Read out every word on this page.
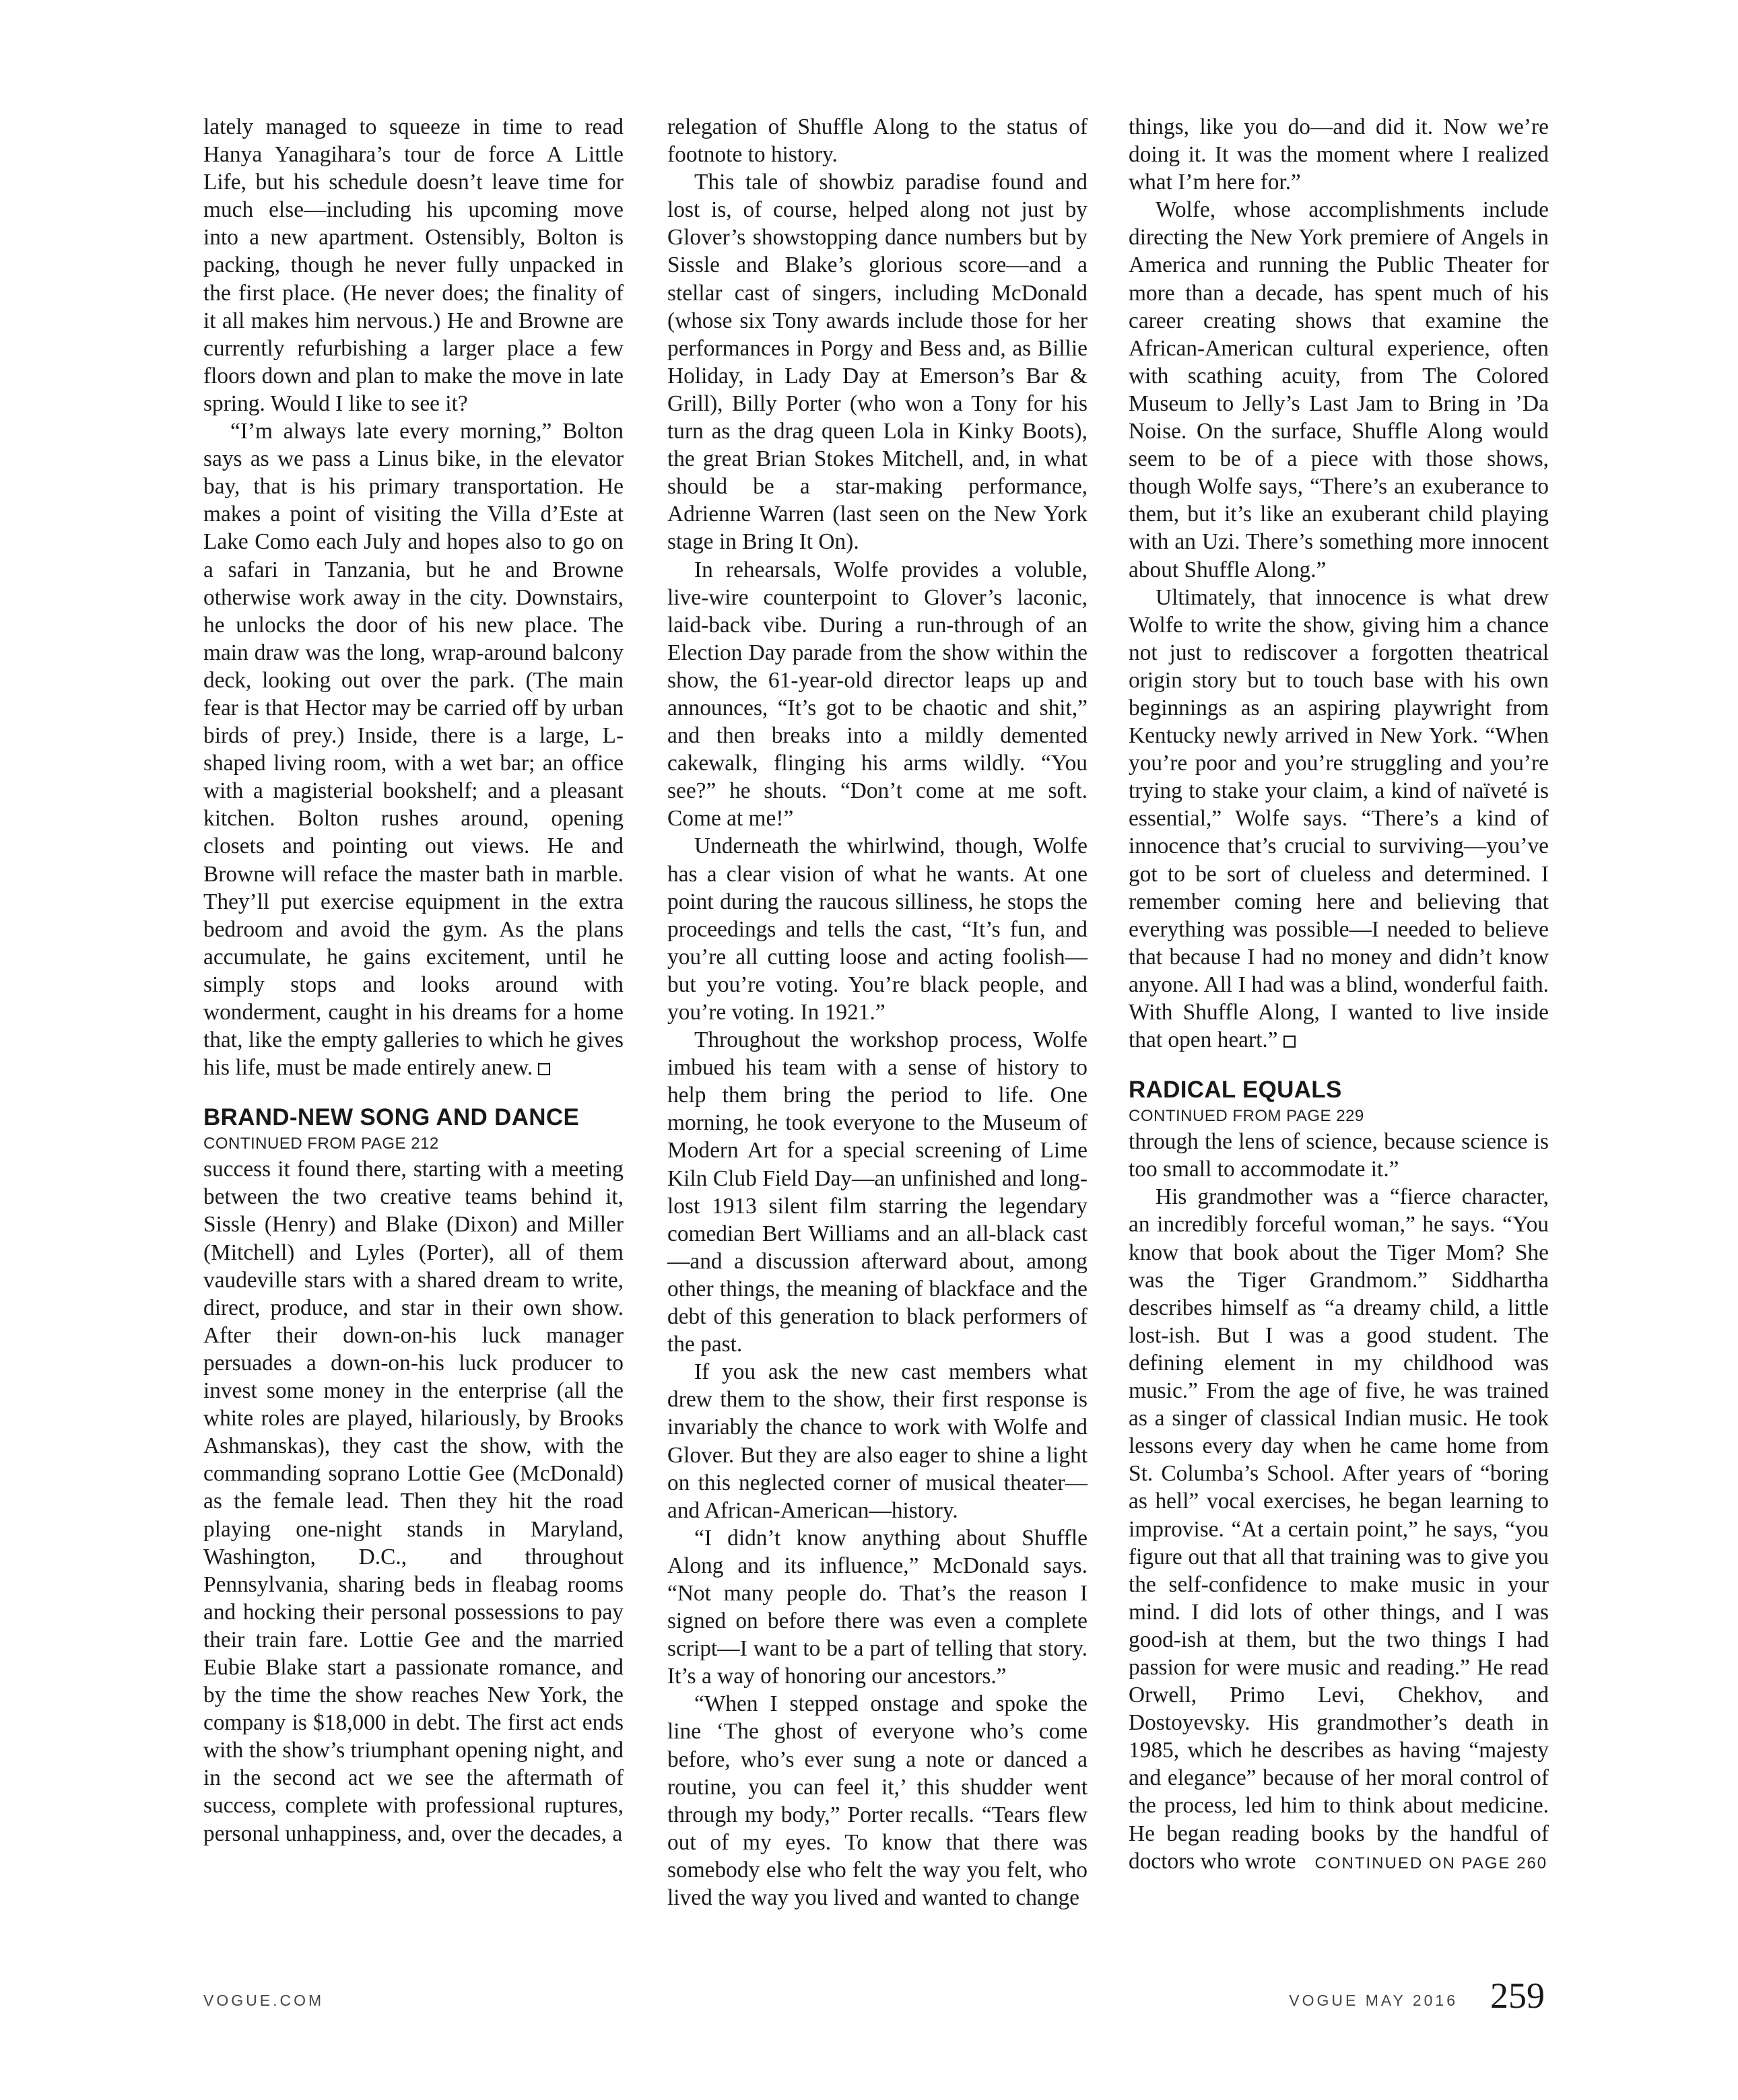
lately managed to squeeze in time to read Hanya Yanagihara’s tour de force A Little Life, but his schedule doesn’t leave time for much else—including his upcoming move into a new apartment. Ostensibly, Bolton is packing, though he never fully unpacked in the first place. (He never does; the finality of it all makes him nervous.) He and Browne are currently refurbishing a larger place a few floors down and plan to make the move in late spring. Would I like to see it?

“I’m always late every morning,” Bolton says as we pass a Linus bike, in the elevator bay, that is his primary transportation. He makes a point of visiting the Villa d’Este at Lake Como each July and hopes also to go on a safari in Tanzania, but he and Browne otherwise work away in the city. Downstairs, he unlocks the door of his new place. The main draw was the long, wrap-around balcony deck, looking out over the park. (The main fear is that Hector may be carried off by urban birds of prey.) Inside, there is a large, L-shaped living room, with a wet bar; an office with a magisterial bookshelf; and a pleasant kitchen. Bolton rushes around, opening closets and pointing out views. He and Browne will reface the master bath in marble. They’ll put exercise equipment in the extra bedroom and avoid the gym. As the plans accumulate, he gains excitement, until he simply stops and looks around with wonderment, caught in his dreams for a home that, like the empty galleries to which he gives his life, must be made entirely anew.

BRAND-NEW SONG AND DANCE
CONTINUED FROM PAGE 212

success it found there, starting with a meeting between the two creative teams behind it, Sissle (Henry) and Blake (Dixon) and Miller (Mitchell) and Lyles (Porter), all of them vaudeville stars with a shared dream to write, direct, produce, and star in their own show. After their down-on-his luck manager persuades a down-on-his luck producer to invest some money in the enterprise (all the white roles are played, hilariously, by Brooks Ashmanskas), they cast the show, with the commanding soprano Lottie Gee (McDonald) as the female lead. Then they hit the road playing one-night stands in Maryland, Washington, D.C., and throughout Pennsylvania, sharing beds in fleabag rooms and hocking their personal possessions to pay their train fare. Lottie Gee and the married Eubie Blake start a passionate romance, and by the time the show reaches New York, the company is $18,000 in debt. The first act ends with the show’s triumphant opening night, and in the second act we see the aftermath of success, complete with professional ruptures, personal unhappiness, and, over the decades, a

relegation of Shuffle Along to the status of footnote to history.

This tale of showbiz paradise found and lost is, of course, helped along not just by Glover’s showstopping dance numbers but by Sissle and Blake’s glorious score—and a stellar cast of singers, including McDonald (whose six Tony awards include those for her performances in Porgy and Bess and, as Billie Holiday, in Lady Day at Emerson’s Bar & Grill), Billy Porter (who won a Tony for his turn as the drag queen Lola in Kinky Boots), the great Brian Stokes Mitchell, and, in what should be a star-making performance, Adrienne Warren (last seen on the New York stage in Bring It On).

In rehearsals, Wolfe provides a voluble, live-wire counterpoint to Glover’s laconic, laid-back vibe. During a run-through of an Election Day parade from the show within the show, the 61-year-old director leaps up and announces, “It’s got to be chaotic and shit,” and then breaks into a mildly demented cakewalk, flinging his arms wildly. “You see?” he shouts. “Don’t come at me soft. Come at me!”

Underneath the whirlwind, though, Wolfe has a clear vision of what he wants. At one point during the raucous silliness, he stops the proceedings and tells the cast, “It’s fun, and you’re all cutting loose and acting foolish—but you’re voting. You’re black people, and you’re voting. In 1921.”

Throughout the workshop process, Wolfe imbued his team with a sense of history to help them bring the period to life. One morning, he took everyone to the Museum of Modern Art for a special screening of Lime Kiln Club Field Day—an unfinished and long-lost 1913 silent film starring the legendary comedian Bert Williams and an all-black cast—and a discussion afterward about, among other things, the meaning of blackface and the debt of this generation to black performers of the past.

If you ask the new cast members what drew them to the show, their first response is invariably the chance to work with Wolfe and Glover. But they are also eager to shine a light on this neglected corner of musical theater—and African-American—history.

“I didn’t know anything about Shuffle Along and its influence,” McDonald says. “Not many people do. That’s the reason I signed on before there was even a complete script—I want to be a part of telling that story. It’s a way of honoring our ancestors.”

“When I stepped onstage and spoke the line ‘The ghost of everyone who’s come before, who’s ever sung a note or danced a routine, you can feel it,’ this shudder went through my body,” Porter recalls. “Tears flew out of my eyes. To know that there was somebody else who felt the way you felt, who lived the way you lived and wanted to change

things, like you do—and did it. Now we’re doing it. It was the moment where I realized what I’m here for.”

Wolfe, whose accomplishments include directing the New York premiere of Angels in America and running the Public Theater for more than a decade, has spent much of his career creating shows that examine the African-American cultural experience, often with scathing acuity, from The Colored Museum to Jelly’s Last Jam to Bring in ’Da Noise. On the surface, Shuffle Along would seem to be of a piece with those shows, though Wolfe says, “There’s an exuberance to them, but it’s like an exuberant child playing with an Uzi. There’s something more innocent about Shuffle Along.”

Ultimately, that innocence is what drew Wolfe to write the show, giving him a chance not just to rediscover a forgotten theatrical origin story but to touch base with his own beginnings as an aspiring playwright from Kentucky newly arrived in New York. “When you’re poor and you’re struggling and you’re trying to stake your claim, a kind of naïveté is essential,” Wolfe says. “There’s a kind of innocence that’s crucial to surviving—you’ve got to be sort of clueless and determined. I remember coming here and believing that everything was possible—I needed to believe that because I had no money and didn’t know anyone. All I had was a blind, wonderful faith. With Shuffle Along, I wanted to live inside that open heart.”

RADICAL EQUALS
CONTINUED FROM PAGE 229

through the lens of science, because science is too small to accommodate it.”

His grandmother was a “fierce character, an incredibly forceful woman,” he says. “You know that book about the Tiger Mom? She was the Tiger Grandmom.” Siddhartha describes himself as “a dreamy child, a little lost-ish. But I was a good student. The defining element in my childhood was music.” From the age of five, he was trained as a singer of classical Indian music. He took lessons every day when he came home from St. Columba’s School. After years of “boring as hell” vocal exercises, he began learning to improvise. “At a certain point,” he says, “you figure out that all that training was to give you the self-confidence to make music in your mind. I did lots of other things, and I was good-ish at them, but the two things I had passion for were music and reading.” He read Orwell, Primo Levi, Chekhov, and Dostoyevsky. His grandmother’s death in 1985, which he describes as having “majesty and elegance” because of her moral control of the process, led him to think about medicine. He began reading books by the handful of doctors who wrote CONTINUED ON PAGE 260

VOGUE.COM	VOGUE MAY 2016 259
